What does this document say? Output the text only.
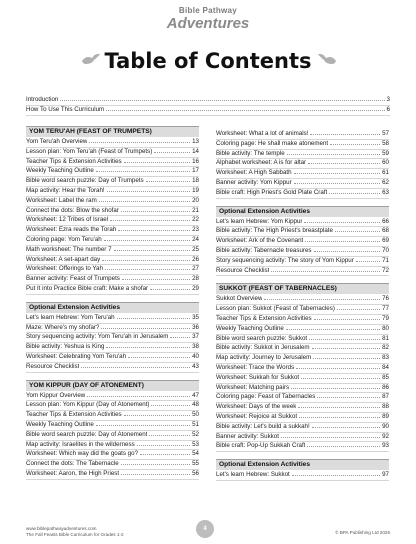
Bible Pathway
Adventures
Table of Contents
Introduction	3
How To Use This Curriculum	6
YOM TERU'AH (FEAST OF TRUMPETS)
Yom Teru'ah Overview	13
Lesson plan: Yom Teru'ah (Feast of Trumpets)	14
Teacher Tips & Extension Activities	16
Weekly Teaching Outline	17
Bible word search puzzle: Day of Trumpets	18
Map activity: Hear the Torah!	19
Worksheet: Label the ram	20
Connect the dots: Blow the shofar	21
Worksheet: 12 Tribes of Israel	22
Worksheet: Ezra reads the Torah	23
Coloring page: Yom Teru'ah	24
Math worksheet: The number 7	25
Worksheet: A set-apart day	26
Worksheet: Offerings to Yah	27
Banner activity: Feast of Trumpets	28
Put It into Practice Bible craft: Make a shofar	29
Optional Extension Activities
Let's learn Hebrew: Yom Teru'ah	35
Maze: Where's my shofar?	36
Story sequencing activity: Yom Teru'ah in Jerusalem	37
Bible activity: Yeshua is King	38
Worksheet: Celebrating Yom Teru'ah	40
Resource Checklist	43
YOM KIPPUR (DAY OF ATONEMENT)
Yom Kippur Overview	47
Lesson plan: Yom Kippur (Day of Atonement)	48
Teacher Tips & Extension Activities	50
Weekly Teaching Outline	51
Bible word search puzzle: Day of Atonement	52
Map activity: Israelites in the wilderness	53
Worksheet: Which way did the goats go?	54
Connect the dots: The Tabernacle	55
Worksheet: Aaron, the High Priest	56
Worksheet: What a lot of animals!	57
Coloring page: He shall make atonement	58
Bible activity: The temple	59
Alphabet worksheet: A is for altar	60
Worksheet: A High Sabbath	61
Banner activity: Yom Kippur	62
Bible craft: High Priest's Gold Plate Craft	63
Optional Extension Activities
Let's learn Hebrew: Yom Kippur	66
Bible activity: The High Priest's breastplate	68
Worksheet: Ark of the Covenant	69
Bible activity: Tabernacle treasures	70
Story sequencing activity: The story of Yom Kippur	71
Resource Checklist	72
SUKKOT (FEAST OF TABERNACLES)
Sukkot Overview	76
Lesson plan: Sukkot (Feast of Tabernacles)	77
Teacher Tips & Extension Activities	79
Weekly Teaching Outline	80
Bible word search puzzle: Sukkot	81
Bible activity: Sukkot in Jerusalem	82
Map activity: Journey to Jerusalem	83
Worksheet: Trace the Words	84
Worksheet: Sukkah for Sukkot	85
Worksheet: Matching pairs	86
Coloring page: Feast of Tabernacles	87
Worksheet: Days of the week	88
Worksheet: Rejoice at Sukkot	89
Bible activity: Let's build a sukkah!	90
Banner activity: Sukkot	92
Bible craft: Pop-Up Sukkah Craft	93
Optional Extension Activities
Let's learn Hebrew: Sukkot	97
4
www.biblepathwayadventures.com
The Fall Feasts Bible Curriculum for Grades 1-2	© BPA Publishing Ltd 2026
